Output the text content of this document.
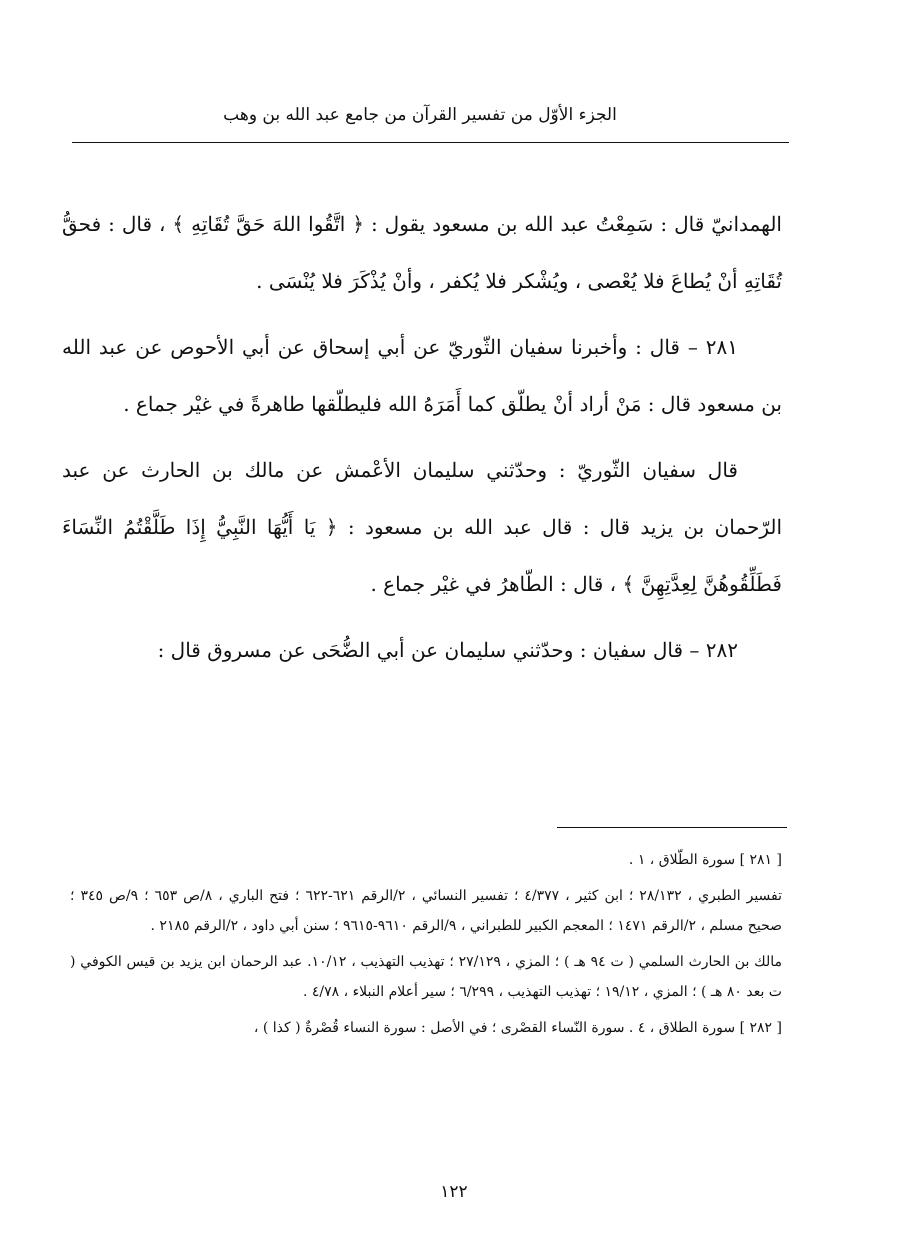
الجزء الأوّل من تفسير القرآن من جامع عبد الله بن وهب

الهمدانيّ قال : سَمِعْتُ عبد الله بن مسعود يقول : ﴿ اتَّقُوا اللهَ حَقَّ تُقَاتِهِ ﴾ ، قال : فحقُّ تُقَاتِهِ أنْ يُطاعَ فلا يُعْصى ، ويُشْكر فلا يُكفر ، وأنْ يُذْكَرَ فلا يُنْسَى .

٢٨١ – قال : وأخبرنا سفيان الثّوريّ عن أبي إسحاق عن أبي الأحوص عن عبد الله بن مسعود قال : مَنْ أراد أنْ يطلّق كما أَمَرَهُ الله فليطلّقها طاهرةً في غيْر جماع .

قال سفيان الثّوريّ : وحدّثني سليمان الأعْمش عن مالك بن الحارث عن عبد الرّحمان بن يزيد قال : قال عبد الله بن مسعود : ﴿ يَا أَيُّهَا النَّبِيُّ إِذَا طَلَّقْتُمُ النِّسَاءَ فَطَلِّقُوهُنَّ لِعِدَّتِهِنَّ ﴾ ، قال : الطّاهرُ في غيْر جماع .

٢٨٢ – قال سفيان : وحدّثني سليمان عن أبي الضُّحَى عن مسروق قال :

[ ٢٨١ ] سورة الطّلاق ، ١ .

تفسير الطبري ، ٢٨/١٣٢ ؛ ابن كثير ، ٤/٣٧٧ ؛ تفسير النسائي ، ٢/الرقم ٦٢١-٦٢٢ ؛ فتح الباري ، ٨/ص ٦٥٣ ؛ ٩/ص ٣٤٥ ؛ صحيح مسلم ، ٢/الرقم ١٤٧١ ؛ المعجم الكبير للطبراني ، ٩/الرقم ٩٦١٠-٩٦١٥ ؛ سنن أبي داود ، ٢/الرقم ٢١٨٥ .

مالك بن الحارث السلمي ( ت ٩٤ هـ ) ؛ المزي ، ٢٧/١٢٩ ؛ تهذيب التهذيب ، ١٠/١٢. عبد الرحمان ابن يزيد بن قيس الكوفي ( ت بعد ٨٠ هـ ) ؛ المزي ، ١٩/١٢ ؛ تهذيب التهذيب ، ٦/٢٩٩ ؛ سير أعلام النبلاء ، ٤/٧٨ .

[ ٢٨٢ ] سورة الطلاق ، ٤ . سورة النّساء القصْرى ؛ في الأصل : سورة النساء قُصْرةٌ ( كذا ) ،

١٢٢
